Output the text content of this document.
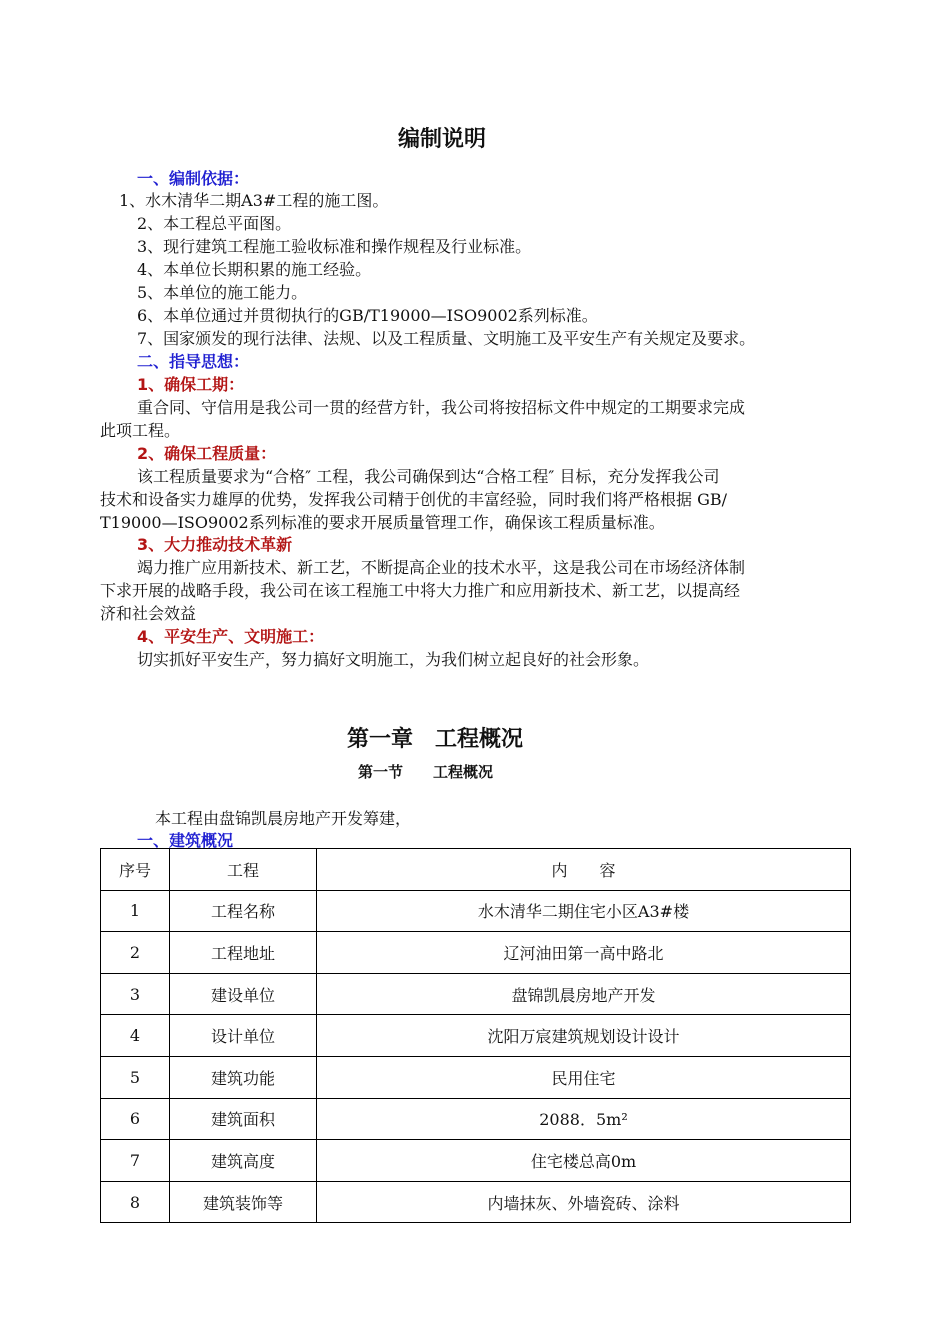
编制说明
一、编制依据：
1、水木清华二期A3#工程的施工图。
2、本工程总平面图。
3、现行建筑工程施工验收标准和操作规程及行业标准。
4、本单位长期积累的施工经验。
5、本单位的施工能力。
6、本单位通过并贯彻执行的GB/T19000—ISO9002系列标准。
7、国家颁发的现行法律、法规、以及工程质量、文明施工及平安生产有关规定及要求。
二、指导思想：
1、确保工期：
重合同、守信用是我公司一贯的经营方针，我公司将按招标文件中规定的工期要求完成
此项工程。
2、确保工程质量：
该工程质量要求为“合格″ 工程，我公司确保到达“合格工程″ 目标，充分发挥我公司
技术和设备实力雄厚的优势，发挥我公司精于创优的丰富经验，同时我们将严格根据 GB/
T19000—ISO9002系列标准的要求开展质量管理工作，确保该工程质量标准。
3、大力推动技术革新
竭力推广应用新技术、新工艺，不断提高企业的技术水平，这是我公司在市场经济体制
下求开展的战略手段，我公司在该工程施工中将大力推广和应用新技术、新工艺，以提高经
济和社会效益
4、平安生产、文明施工：
切实抓好平安生产，努力搞好文明施工，为我们树立起良好的社会形象。
第一章　工程概况
第一节　　工程概况
本工程由盘锦凯晨房地产开发筹建，
一、建筑概况
序号	工程	内　　容
1	工程名称	水木清华二期住宅小区A3#楼
2	工程地址	辽河油田第一高中路北
3	建设单位	盘锦凯晨房地产开发
4	设计单位	沈阳万宸建筑规划设计设计
5	建筑功能	民用住宅
6	建筑面积	2088．5m²
7	建筑高度	住宅楼总高0m
8	建筑装饰等	内墙抹灰、外墙瓷砖、涂料
